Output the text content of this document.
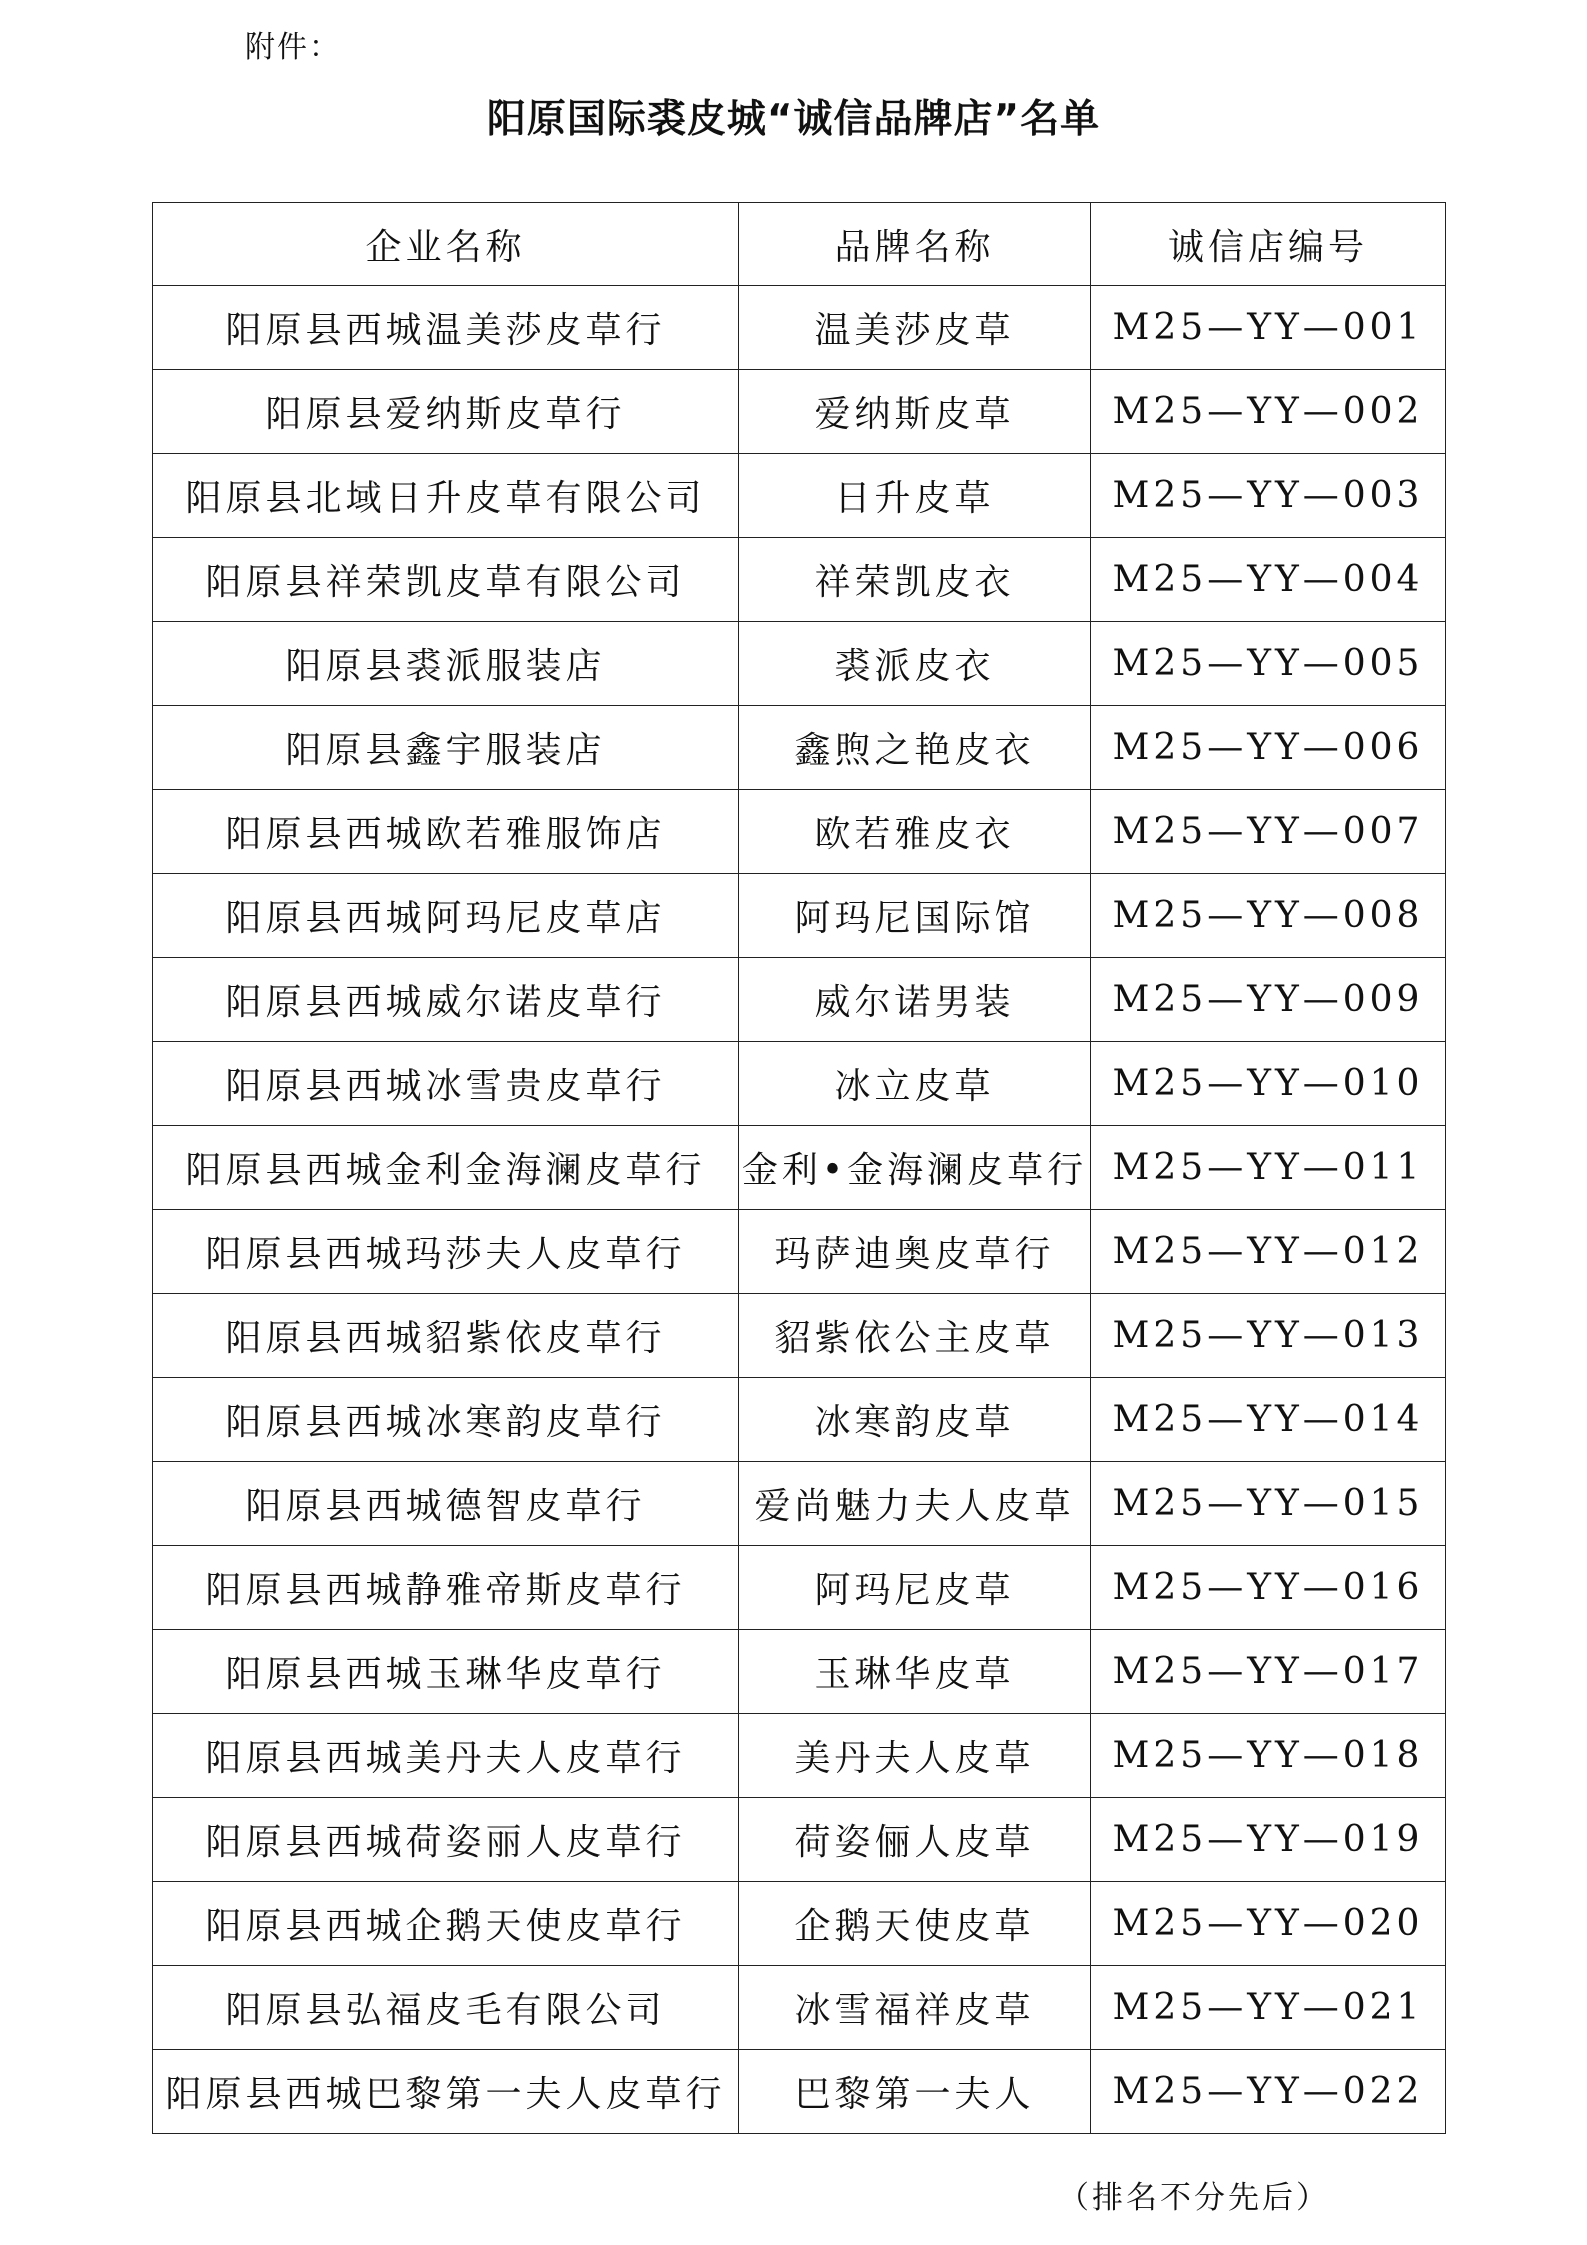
附件：
阳原国际裘皮城“诚信品牌店”名单
企业名称	品牌名称	诚信店编号
阳原县西城温美莎皮草行	温美莎皮草	M25—YY—001
阳原县爱纳斯皮草行	爱纳斯皮草	M25—YY—002
阳原县北域日升皮草有限公司	日升皮草	M25—YY—003
阳原县祥荣凯皮草有限公司	祥荣凯皮衣	M25—YY—004
阳原县裘派服装店	裘派皮衣	M25—YY—005
阳原县鑫宇服装店	鑫煦之艳皮衣	M25—YY—006
阳原县西城欧若雅服饰店	欧若雅皮衣	M25—YY—007
阳原县西城阿玛尼皮草店	阿玛尼国际馆	M25—YY—008
阳原县西城威尔诺皮草行	威尔诺男装	M25—YY—009
阳原县西城冰雪贵皮草行	冰立皮草	M25—YY—010
阳原县西城金利金海澜皮草行	金利•金海澜皮草行	M25—YY—011
阳原县西城玛莎夫人皮草行	玛萨迪奥皮草行	M25—YY—012
阳原县西城貂紫依皮草行	貂紫依公主皮草	M25—YY—013
阳原县西城冰寒韵皮草行	冰寒韵皮草	M25—YY—014
阳原县西城德智皮草行	爱尚魅力夫人皮草	M25—YY—015
阳原县西城静雅帝斯皮草行	阿玛尼皮草	M25—YY—016
阳原县西城玉琳华皮草行	玉琳华皮草	M25—YY—017
阳原县西城美丹夫人皮草行	美丹夫人皮草	M25—YY—018
阳原县西城荷姿丽人皮草行	荷姿俪人皮草	M25—YY—019
阳原县西城企鹅天使皮草行	企鹅天使皮草	M25—YY—020
阳原县弘福皮毛有限公司	冰雪福祥皮草	M25—YY—021
阳原县西城巴黎第一夫人皮草行	巴黎第一夫人	M25—YY—022
（排名不分先后）
